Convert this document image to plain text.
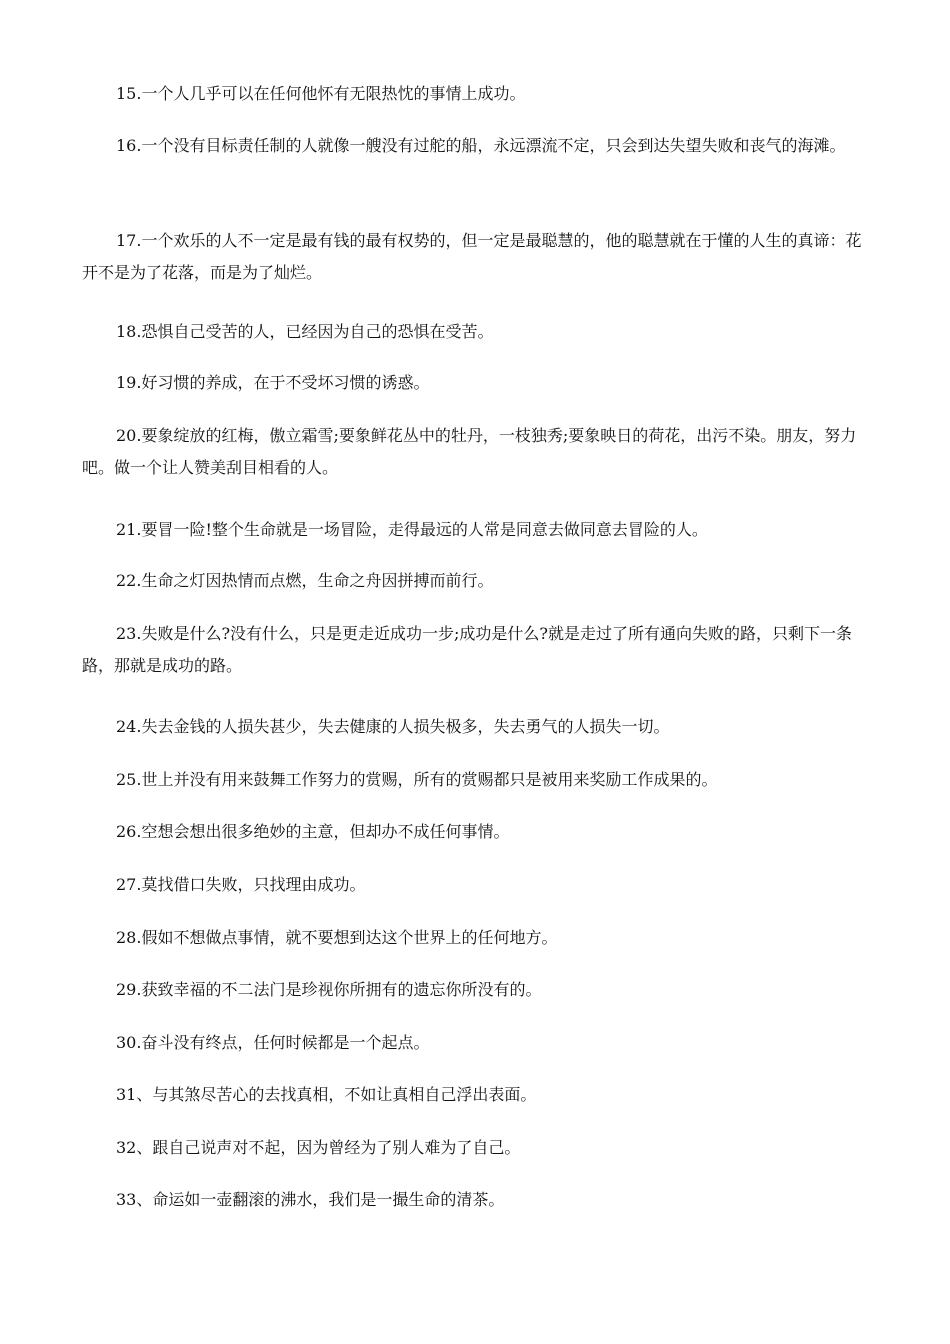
15.一个人几乎可以在任何他怀有无限热忱的事情上成功。

16.一个没有目标责任制的人就像一艘没有过舵的船，永远漂流不定，只会到达失望失败和丧气的海滩。

17.一个欢乐的人不一定是最有钱的最有权势的，但一定是最聪慧的，他的聪慧就在于懂的人生的真谛：花开不是为了花落，而是为了灿烂。

18.恐惧自己受苦的人，已经因为自己的恐惧在受苦。

19.好习惯的养成，在于不受坏习惯的诱惑。

20.要象绽放的红梅，傲立霜雪;要象鲜花丛中的牡丹，一枝独秀;要象映日的荷花，出污不染。朋友，努力吧。做一个让人赞美刮目相看的人。

21.要冒一险!整个生命就是一场冒险，走得最远的人常是同意去做同意去冒险的人。

22.生命之灯因热情而点燃，生命之舟因拼搏而前行。

23.失败是什么?没有什么，只是更走近成功一步;成功是什么?就是走过了所有通向失败的路，只剩下一条路，那就是成功的路。

24.失去金钱的人损失甚少，失去健康的人损失极多，失去勇气的人损失一切。

25.世上并没有用来鼓舞工作努力的赏赐，所有的赏赐都只是被用来奖励工作成果的。

26.空想会想出很多绝妙的主意，但却办不成任何事情。

27.莫找借口失败，只找理由成功。

28.假如不想做点事情，就不要想到达这个世界上的任何地方。

29.获致幸福的不二法门是珍视你所拥有的遗忘你所没有的。

30.奋斗没有终点，任何时候都是一个起点。

31、与其煞尽苦心的去找真相，不如让真相自己浮出表面。

32、跟自己说声对不起，因为曾经为了别人难为了自己。

33、命运如一壶翻滚的沸水，我们是一撮生命的清茶。
